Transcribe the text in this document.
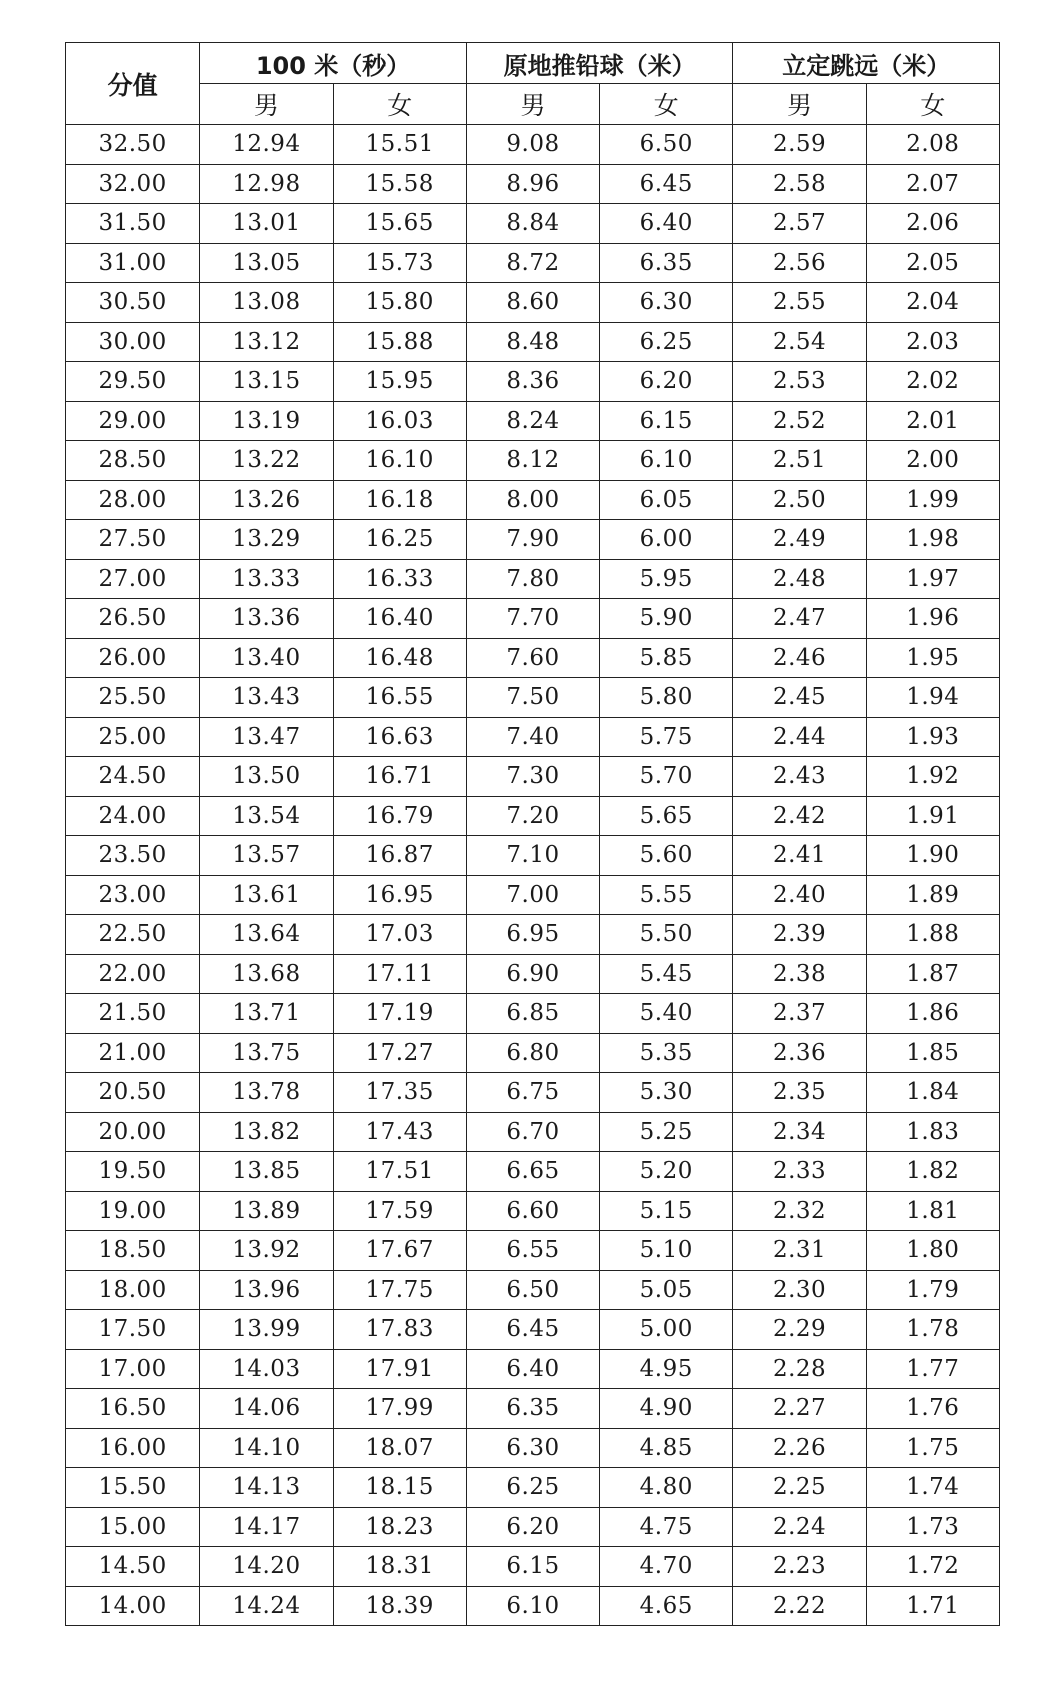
分值	100 米（秒）		原地推铅球（米）		立定跳远（米）	
	男	女	男	女	男	女
32.50	12.94	15.51	9.08	6.50	2.59	2.08
32.00	12.98	15.58	8.96	6.45	2.58	2.07
31.50	13.01	15.65	8.84	6.40	2.57	2.06
31.00	13.05	15.73	8.72	6.35	2.56	2.05
30.50	13.08	15.80	8.60	6.30	2.55	2.04
30.00	13.12	15.88	8.48	6.25	2.54	2.03
29.50	13.15	15.95	8.36	6.20	2.53	2.02
29.00	13.19	16.03	8.24	6.15	2.52	2.01
28.50	13.22	16.10	8.12	6.10	2.51	2.00
28.00	13.26	16.18	8.00	6.05	2.50	1.99
27.50	13.29	16.25	7.90	6.00	2.49	1.98
27.00	13.33	16.33	7.80	5.95	2.48	1.97
26.50	13.36	16.40	7.70	5.90	2.47	1.96
26.00	13.40	16.48	7.60	5.85	2.46	1.95
25.50	13.43	16.55	7.50	5.80	2.45	1.94
25.00	13.47	16.63	7.40	5.75	2.44	1.93
24.50	13.50	16.71	7.30	5.70	2.43	1.92
24.00	13.54	16.79	7.20	5.65	2.42	1.91
23.50	13.57	16.87	7.10	5.60	2.41	1.90
23.00	13.61	16.95	7.00	5.55	2.40	1.89
22.50	13.64	17.03	6.95	5.50	2.39	1.88
22.00	13.68	17.11	6.90	5.45	2.38	1.87
21.50	13.71	17.19	6.85	5.40	2.37	1.86
21.00	13.75	17.27	6.80	5.35	2.36	1.85
20.50	13.78	17.35	6.75	5.30	2.35	1.84
20.00	13.82	17.43	6.70	5.25	2.34	1.83
19.50	13.85	17.51	6.65	5.20	2.33	1.82
19.00	13.89	17.59	6.60	5.15	2.32	1.81
18.50	13.92	17.67	6.55	5.10	2.31	1.80
18.00	13.96	17.75	6.50	5.05	2.30	1.79
17.50	13.99	17.83	6.45	5.00	2.29	1.78
17.00	14.03	17.91	6.40	4.95	2.28	1.77
16.50	14.06	17.99	6.35	4.90	2.27	1.76
16.00	14.10	18.07	6.30	4.85	2.26	1.75
15.50	14.13	18.15	6.25	4.80	2.25	1.74
15.00	14.17	18.23	6.20	4.75	2.24	1.73
14.50	14.20	18.31	6.15	4.70	2.23	1.72
14.00	14.24	18.39	6.10	4.65	2.22	1.71
